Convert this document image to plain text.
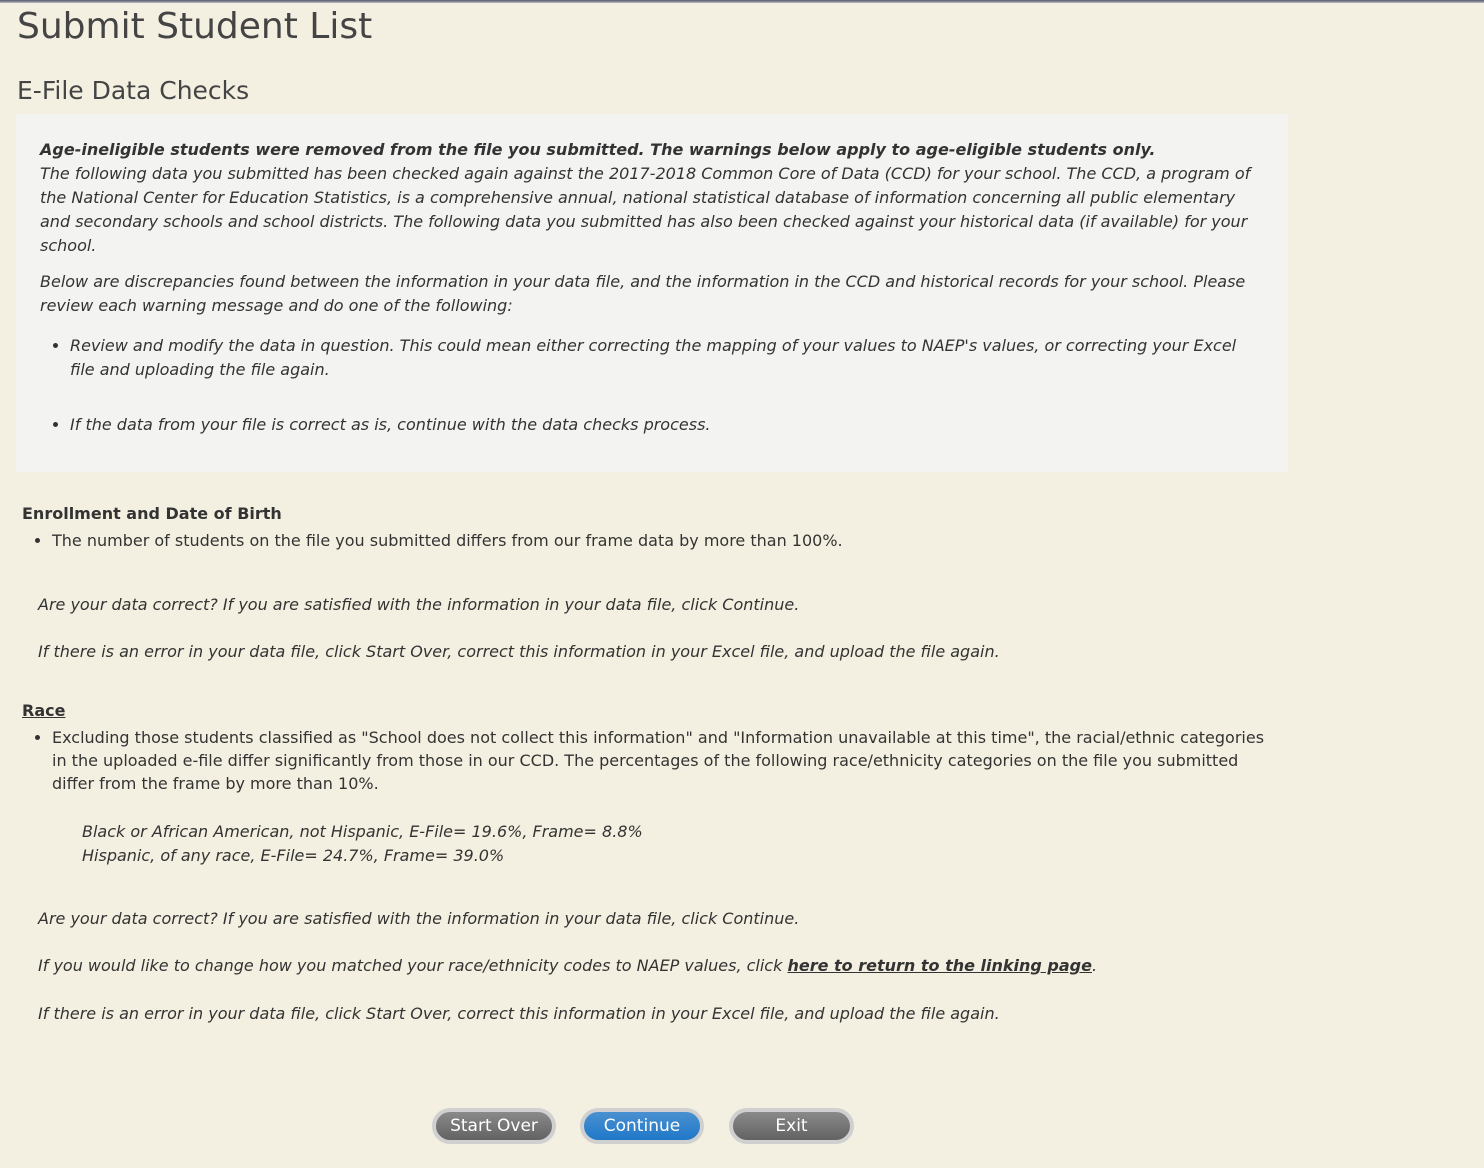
Submit Student List
E-File Data Checks

Age-ineligible students were removed from the file you submitted. The warnings below apply to age-eligible students only.

The following data you submitted has been checked again against the 2017-2018 Common Core of Data (CCD) for your school. The CCD, a program of the National Center for Education Statistics, is a comprehensive annual, national statistical database of information concerning all public elementary and secondary schools and school districts. The following data you submitted has also been checked against your historical data (if available) for your school.

Below are discrepancies found between the information in your data file, and the information in the CCD and historical records for your school. Please review each warning message and do one of the following:

• Review and modify the data in question. This could mean either correcting the mapping of your values to NAEP's values, or correcting your Excel file and uploading the file again.
• If the data from your file is correct as is, continue with the data checks process.
Enrollment and Date of Birth
• The number of students on the file you submitted differs from our frame data by more than 100%.
Are your data correct? If you are satisfied with the information in your data file, click Continue.
If there is an error in your data file, click Start Over, correct this information in your Excel file, and upload the file again.
Race
• Excluding those students classified as "School does not collect this information" and "Information unavailable at this time", the racial/ethnic categories in the uploaded e-file differ significantly from those in our CCD. The percentages of the following race/ethnicity categories on the file you submitted differ from the frame by more than 10%.
Black or African American, not Hispanic, E-File= 19.6%, Frame= 8.8%
Hispanic, of any race, E-File= 24.7%, Frame= 39.0%
Are your data correct? If you are satisfied with the information in your data file, click Continue.
If you would like to change how you matched your race/ethnicity codes to NAEP values, click here to return to the linking page.
If there is an error in your data file, click Start Over, correct this information in your Excel file, and upload the file again.
Start Over	Continue	Exit
